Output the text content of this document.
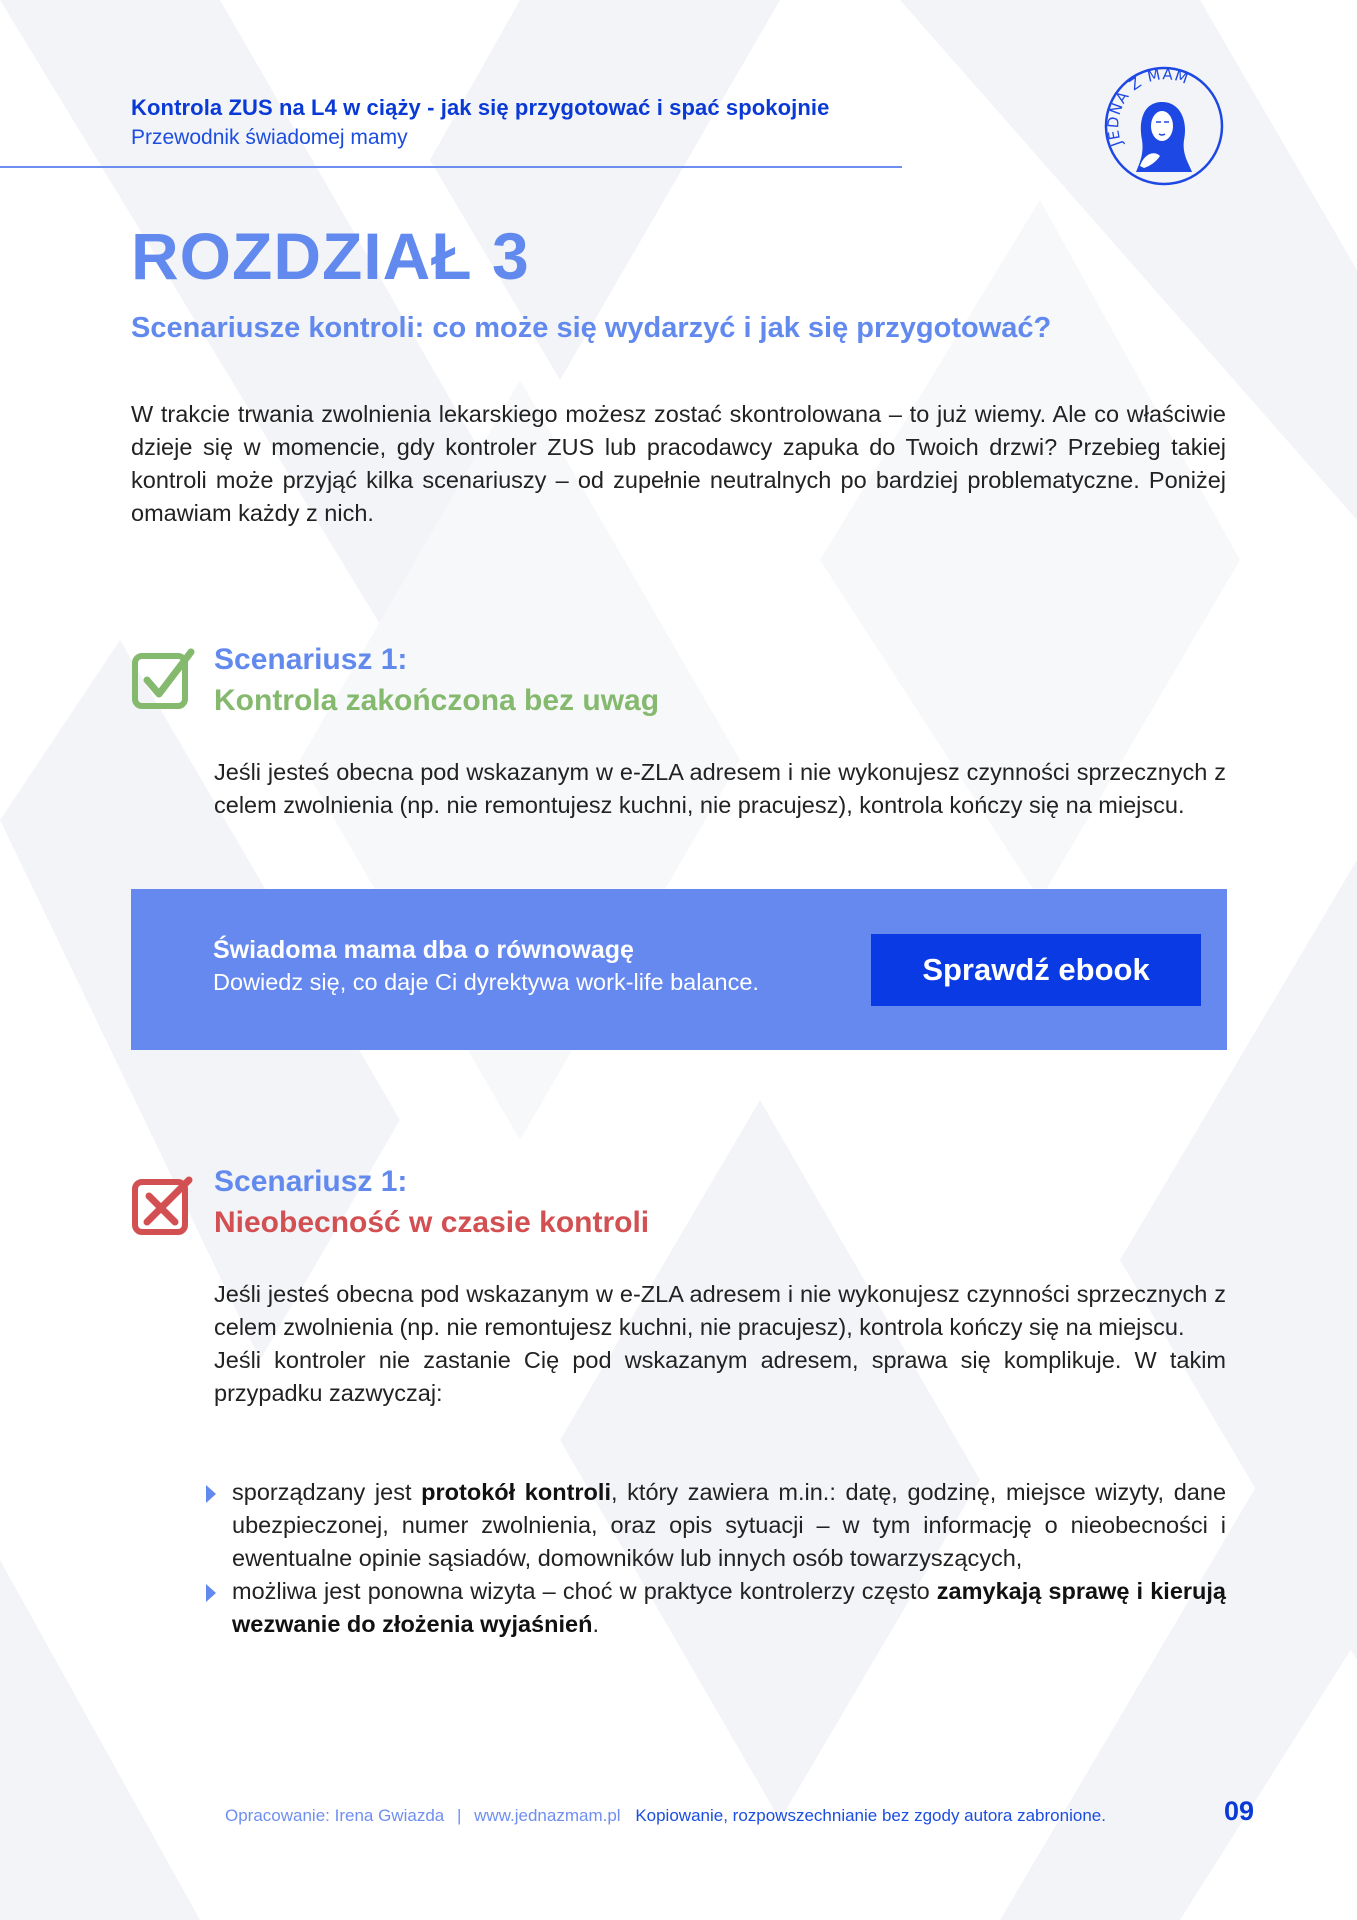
Kontrola ZUS na L4 w ciąży - jak się przygotować i spać spokojnie
Przewodnik świadomej mamy	JEDNA Z MAM
ROZDZIAŁ 3
Scenariusze kontroli: co może się wydarzyć i jak się przygotować?
W trakcie trwania zwolnienia lekarskiego możesz zostać skontrolowana – to już wiemy. Ale co właściwie dzieje się w momencie, gdy kontroler ZUS lub pracodawcy zapuka do Twoich drzwi? Przebieg takiej kontroli może przyjąć kilka scenariuszy – od zupełnie neutralnych po bardziej problematyczne. Poniżej omawiam każdy z nich.
Scenariusz 1:
Kontrola zakończona bez uwag

Jeśli jesteś obecna pod wskazanym w e-ZLA adresem i nie wykonujesz czynności sprzecznych z celem zwolnienia (np. nie remontujesz kuchni, nie pracujesz), kontrola kończy się na miejscu.

Świadoma mama dba o równowagę
Dowiedz się, co daje Ci dyrektywa work-life balance.	Sprawdź ebook
Scenariusz 1:
Nieobecność w czasie kontroli

Jeśli jesteś obecna pod wskazanym w e-ZLA adresem i nie wykonujesz czynności sprzecznych z celem zwolnienia (np. nie remontujesz kuchni, nie pracujesz), kontrola kończy się na miejscu.

Jeśli kontroler nie zastanie Cię pod wskazanym adresem, sprawa się komplikuje. W takim przypadku zazwyczaj:

sporządzany jest protokół kontroli, który zawiera m.in.: datę, godzinę, miejsce wizyty, dane ubezpieczonej, numer zwolnienia, oraz opis sytuacji – w tym informację o nieobecności i ewentualne opinie sąsiadów, domowników lub innych osób towarzyszących,
możliwa jest ponowna wizyta – choć w praktyce kontrolerzy często zamykają sprawę i kierują wezwanie do złożenia wyjaśnień.
Opracowanie: Irena Gwiazda | www.jednazmam.pl Kopiowanie, rozpowszechnianie bez zgody autora zabronione.	09
